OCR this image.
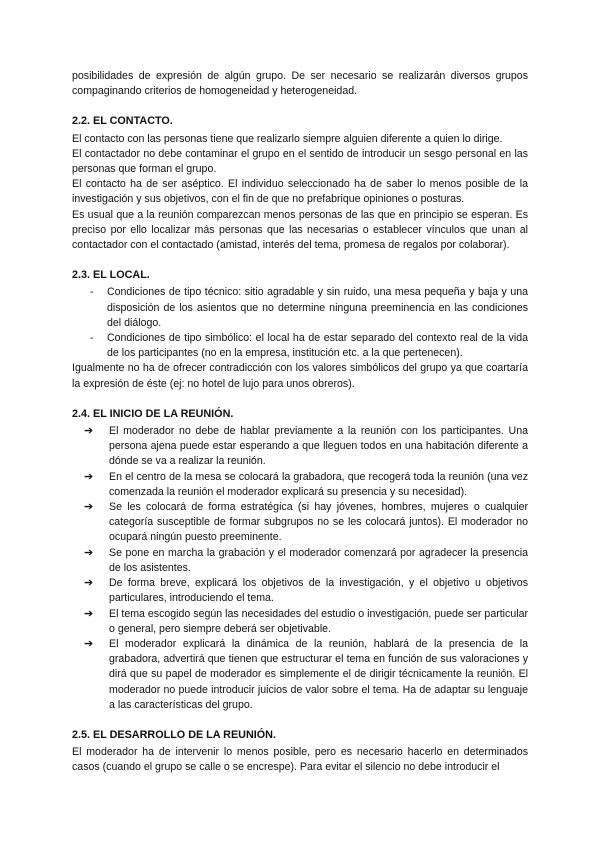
posibilidades de expresión de algún grupo. De ser necesario se realizarán diversos grupos compaginando criterios de homogeneidad y heterogeneidad.

2.2. EL CONTACTO.

El contacto con las personas tiene que realizarlo siempre alguien diferente a quien lo dirige.

El contactador no debe contaminar el grupo en el sentido de introducir un sesgo personal en las personas que forman el grupo.

El contacto ha de ser aséptico. El individuo seleccionado ha de saber lo menos posible de la investigación y sus objetivos, con el fin de que no prefabrique opiniones o posturas.

Es usual que a la reunión comparezcan menos personas de las que en principio se esperan. Es preciso por ello localizar más personas que las necesarias o establecer vínculos que unan al contactador con el contactado (amistad, interés del tema, promesa de regalos por colaborar).

2.3. EL LOCAL.
- Condiciones de tipo técnico: sitio agradable y sin ruido, una mesa pequeña y baja y una disposición de los asientos que no determine ninguna preeminencia en las condiciones del diálogo.
- Condiciones de tipo simbólico: el local ha de estar separado del contexto real de la vida de los participantes (no en la empresa, institución etc. a la que pertenecen).

Igualmente no ha de ofrecer contradicción con los valores simbólicos del grupo ya que coartaría la expresión de éste (ej: no hotel de lujo para unos obreros).

2.4. EL INICIO DE LA REUNIÓN.
➔ El moderador no debe de hablar previamente a la reunión con los participantes. Una persona ajena puede estar esperando a que lleguen todos en una habitación diferente a dónde se va a realizar la reunión.
➔ En el centro de la mesa se colocará la grabadora, que recogerá toda la reunión (una vez comenzada la reunión el moderador explicará su presencia y su necesidad).
➔ Se les colocará de forma estratégica (si hay jóvenes, hombres, mujeres o cualquier categoría susceptible de formar subgrupos no se les colocará juntos). El moderador no ocupará ningún puesto preeminente.
➔ Se pone en marcha la grabación y el moderador comenzará por agradecer la presencia de los asistentes.
➔ De forma breve, explicará los objetivos de la investigación, y el objetivo u objetivos particulares, introduciendo el tema.
➔ El tema escogido según las necesidades del estudio o investigación, puede ser particular o general, pero siempre deberá ser objetivable.
➔ El moderador explicará la dinámica de la reunión, hablará de la presencia de la grabadora, advertirá que tienen que estructurar el tema en función de sus valoraciones y dirá que su papel de moderador es simplemente el de dirigir técnicamente la reunión. El moderador no puede introducir juicios de valor sobre el tema. Ha de adaptar su lenguaje a las características del grupo.
2.5. EL DESARROLLO DE LA REUNIÓN.

El moderador ha de intervenir lo menos posible, pero es necesario hacerlo en determinados casos (cuando el grupo se calle o se encrespe). Para evitar el silencio no debe introducir el
